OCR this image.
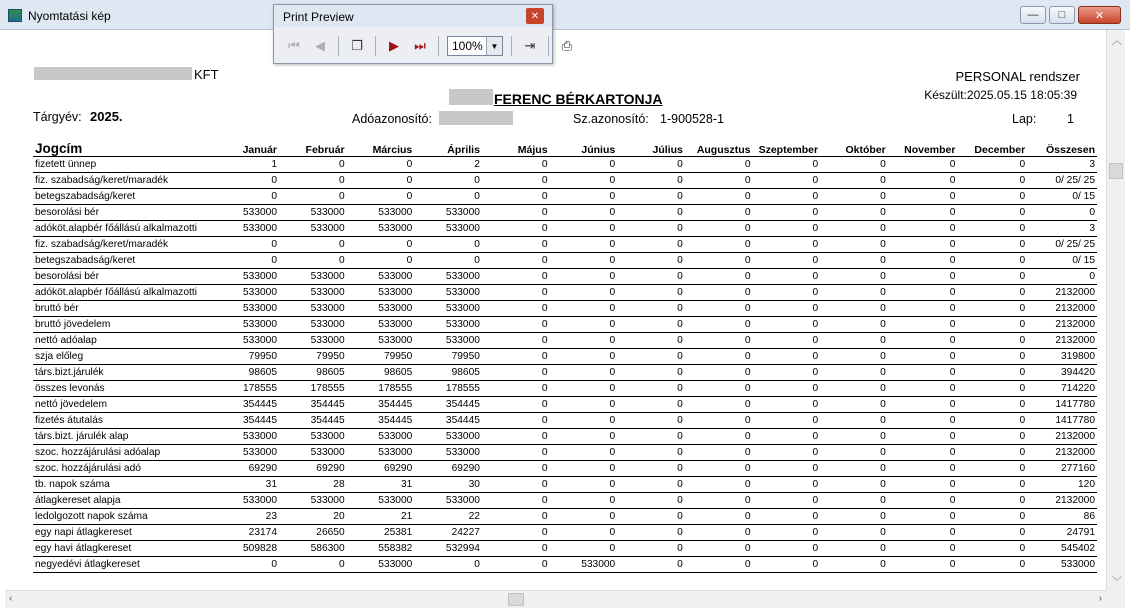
Nyomtatási kép	—	□	✕
KFT	PERSONAL rendszer
Készült:2025.05.15 18:05:39
FERENC BÉRKARTONJA
Tárgyév: 2025.	Adóazonosító:	Sz.azonosító: 1-900528-1	Lap: 1
Jogcím	Január	Február	Március	Április	Május	Június	Július	Augusztus	Szeptember	Október	November	December	Összesen
fizetett ünnep	1	0	0	2	0	0	0	0	0	0	0	0	3
fiz. szabadság/keret/maradék	0	0	0	0	0	0	0	0	0	0	0	0	0/ 25/ 25
betegszabadság/keret	0	0	0	0	0	0	0	0	0	0	0	0	0/ 15
besorolási bér	533000	533000	533000	533000	0	0	0	0	0	0	0	0	0
adóköt.alapbér főállású alkalmazotti	533000	533000	533000	533000	0	0	0	0	0	0	0	0	3
fiz. szabadság/keret/maradék	0	0	0	0	0	0	0	0	0	0	0	0	0/ 25/ 25
betegszabadság/keret	0	0	0	0	0	0	0	0	0	0	0	0	0/ 15
besorolási bér	533000	533000	533000	533000	0	0	0	0	0	0	0	0	0
adóköt.alapbér főállású alkalmazotti	533000	533000	533000	533000	0	0	0	0	0	0	0	0	2132000
bruttó bér	533000	533000	533000	533000	0	0	0	0	0	0	0	0	2132000
bruttó jövedelem	533000	533000	533000	533000	0	0	0	0	0	0	0	0	2132000
nettó adóalap	533000	533000	533000	533000	0	0	0	0	0	0	0	0	2132000
szja előleg	79950	79950	79950	79950	0	0	0	0	0	0	0	0	319800
társ.bizt.járulék	98605	98605	98605	98605	0	0	0	0	0	0	0	0	394420
összes levonás	178555	178555	178555	178555	0	0	0	0	0	0	0	0	714220
nettó jövedelem	354445	354445	354445	354445	0	0	0	0	0	0	0	0	1417780
fizetés átutalás	354445	354445	354445	354445	0	0	0	0	0	0	0	0	1417780
társ.bizt. járulék alap	533000	533000	533000	533000	0	0	0	0	0	0	0	0	2132000
szoc. hozzájárulási adóalap	533000	533000	533000	533000	0	0	0	0	0	0	0	0	2132000
szoc. hozzájárulási adó	69290	69290	69290	69290	0	0	0	0	0	0	0	0	277160
tb. napok száma	31	28	31	30	0	0	0	0	0	0	0	0	120
átlagkereset alapja	533000	533000	533000	533000	0	0	0	0	0	0	0	0	2132000
ledolgozott napok száma	23	20	21	22	0	0	0	0	0	0	0	0	86
egy napi átlagkereset	23174	26650	25381	24227	0	0	0	0	0	0	0	0	24791
egy havi átlagkereset	509828	586300	558382	532994	0	0	0	0	0	0	0	0	545402
negyedévi átlagkereset	0	0	533000	0	0	533000	0	0	0	0	0	0	533000
Print Preview	✕
⏮	◀	❐	▶	⏭	100% ▼	⇥	⎙	︿
﹀
‹	›
